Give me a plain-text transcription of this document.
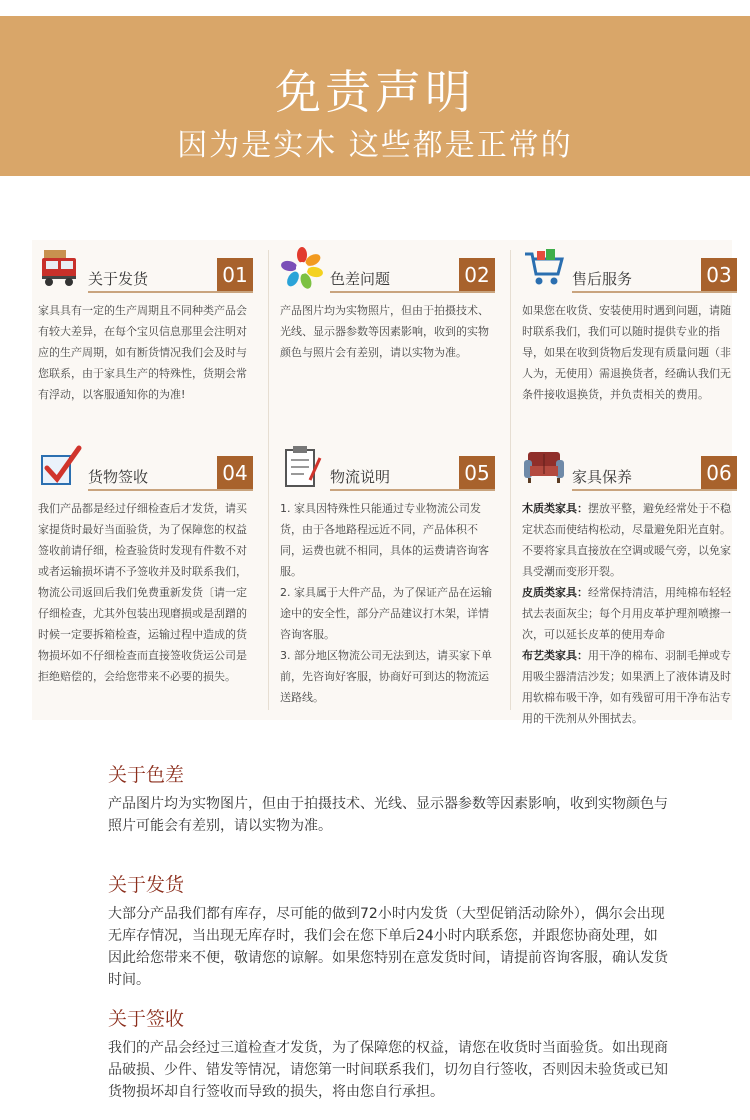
免责声明
因为是实木 这些都是正常的
关于发货	01

家具具有一定的生产周期且不同种类产品会有较大差异，在每个宝贝信息那里会注明对应的生产周期，如有断货情况我们会及时与您联系，由于家具生产的特殊性，货期会常有浮动，以客服通知你的为准!

色差问题	02

产品图片均为实物照片，但由于拍摄技术、光线、显示器参数等因素影响，收到的实物颜色与照片会有差别，请以实物为准。

售后服务	03

如果您在收货、安装使用时遇到问题，请随时联系我们，我们可以随时提供专业的指导，如果在收到货物后发现有质量问题（非人为，无使用）需退换货者，经确认我们无条件接收退换货，并负责相关的费用。

货物签收	04

我们产品都是经过仔细检查后才发货，请买家提货时最好当面验货，为了保障您的权益签收前请仔细，检查验货时发现有件数不对或者运输损坏请不予签收并及时联系我们，物流公司返回后我们免费重新发货〔请一定仔细检查，尤其外包装出现磨损或是刮蹭的时候一定要拆箱检查，运输过程中造成的货物损坏如不仔细检查而直接签收货运公司是拒绝赔偿的，会给您带来不必要的损失。

物流说明	05

1. 家具因特殊性只能通过专业物流公司发货，由于各地路程远近不同，产品体积不同，运费也就不相同，具体的运费请咨询客服。

2. 家具属于大件产品，为了保证产品在运输途中的安全性，部分产品建议打木架，详情咨询客服。

3. 部分地区物流公司无法到达，请买家下单前，先咨询好客服，协商好可到达的物流运送路线。

家具保养	06

木质类家具：摆放平整，避免经常处于不稳定状态而使结构松动，尽量避免阳光直射。不要将家具直接放在空调或暖气旁，以免家具受潮而变形开裂。

皮质类家具：经常保持清洁，用纯棉布轻轻拭去表面灰尘；每个月用皮革护理剂喷擦一次，可以延长皮革的使用寿命

布艺类家具：用干净的棉布、羽制毛掸或专用吸尘器清洁沙发；如果洒上了液体请及时用软棉布吸干净，如有残留可用干净布沾专用的干洗剂从外围拭去。

关于色差
产品图片均为实物图片，但由于拍摄技术、光线、显示器参数等因素影响，收到实物颜色与照片可能会有差别，请以实物为准。
关于发货
大部分产品我们都有库存，尽可能的做到72小时内发货（大型促销活动除外），偶尔会出现无库存情况，当出现无库存时，我们会在您下单后24小时内联系您，并跟您协商处理，如因此给您带来不便，敬请您的谅解。如果您特别在意发货时间，请提前咨询客服，确认发货时间。
关于签收
我们的产品会经过三道检查才发货，为了保障您的权益，请您在收货时当面验货。如出现商品破损、少件、错发等情况，请您第一时间联系我们，切勿自行签收，否则因未验货或已知货物损坏却自行签收而导致的损失，将由您自行承担。
